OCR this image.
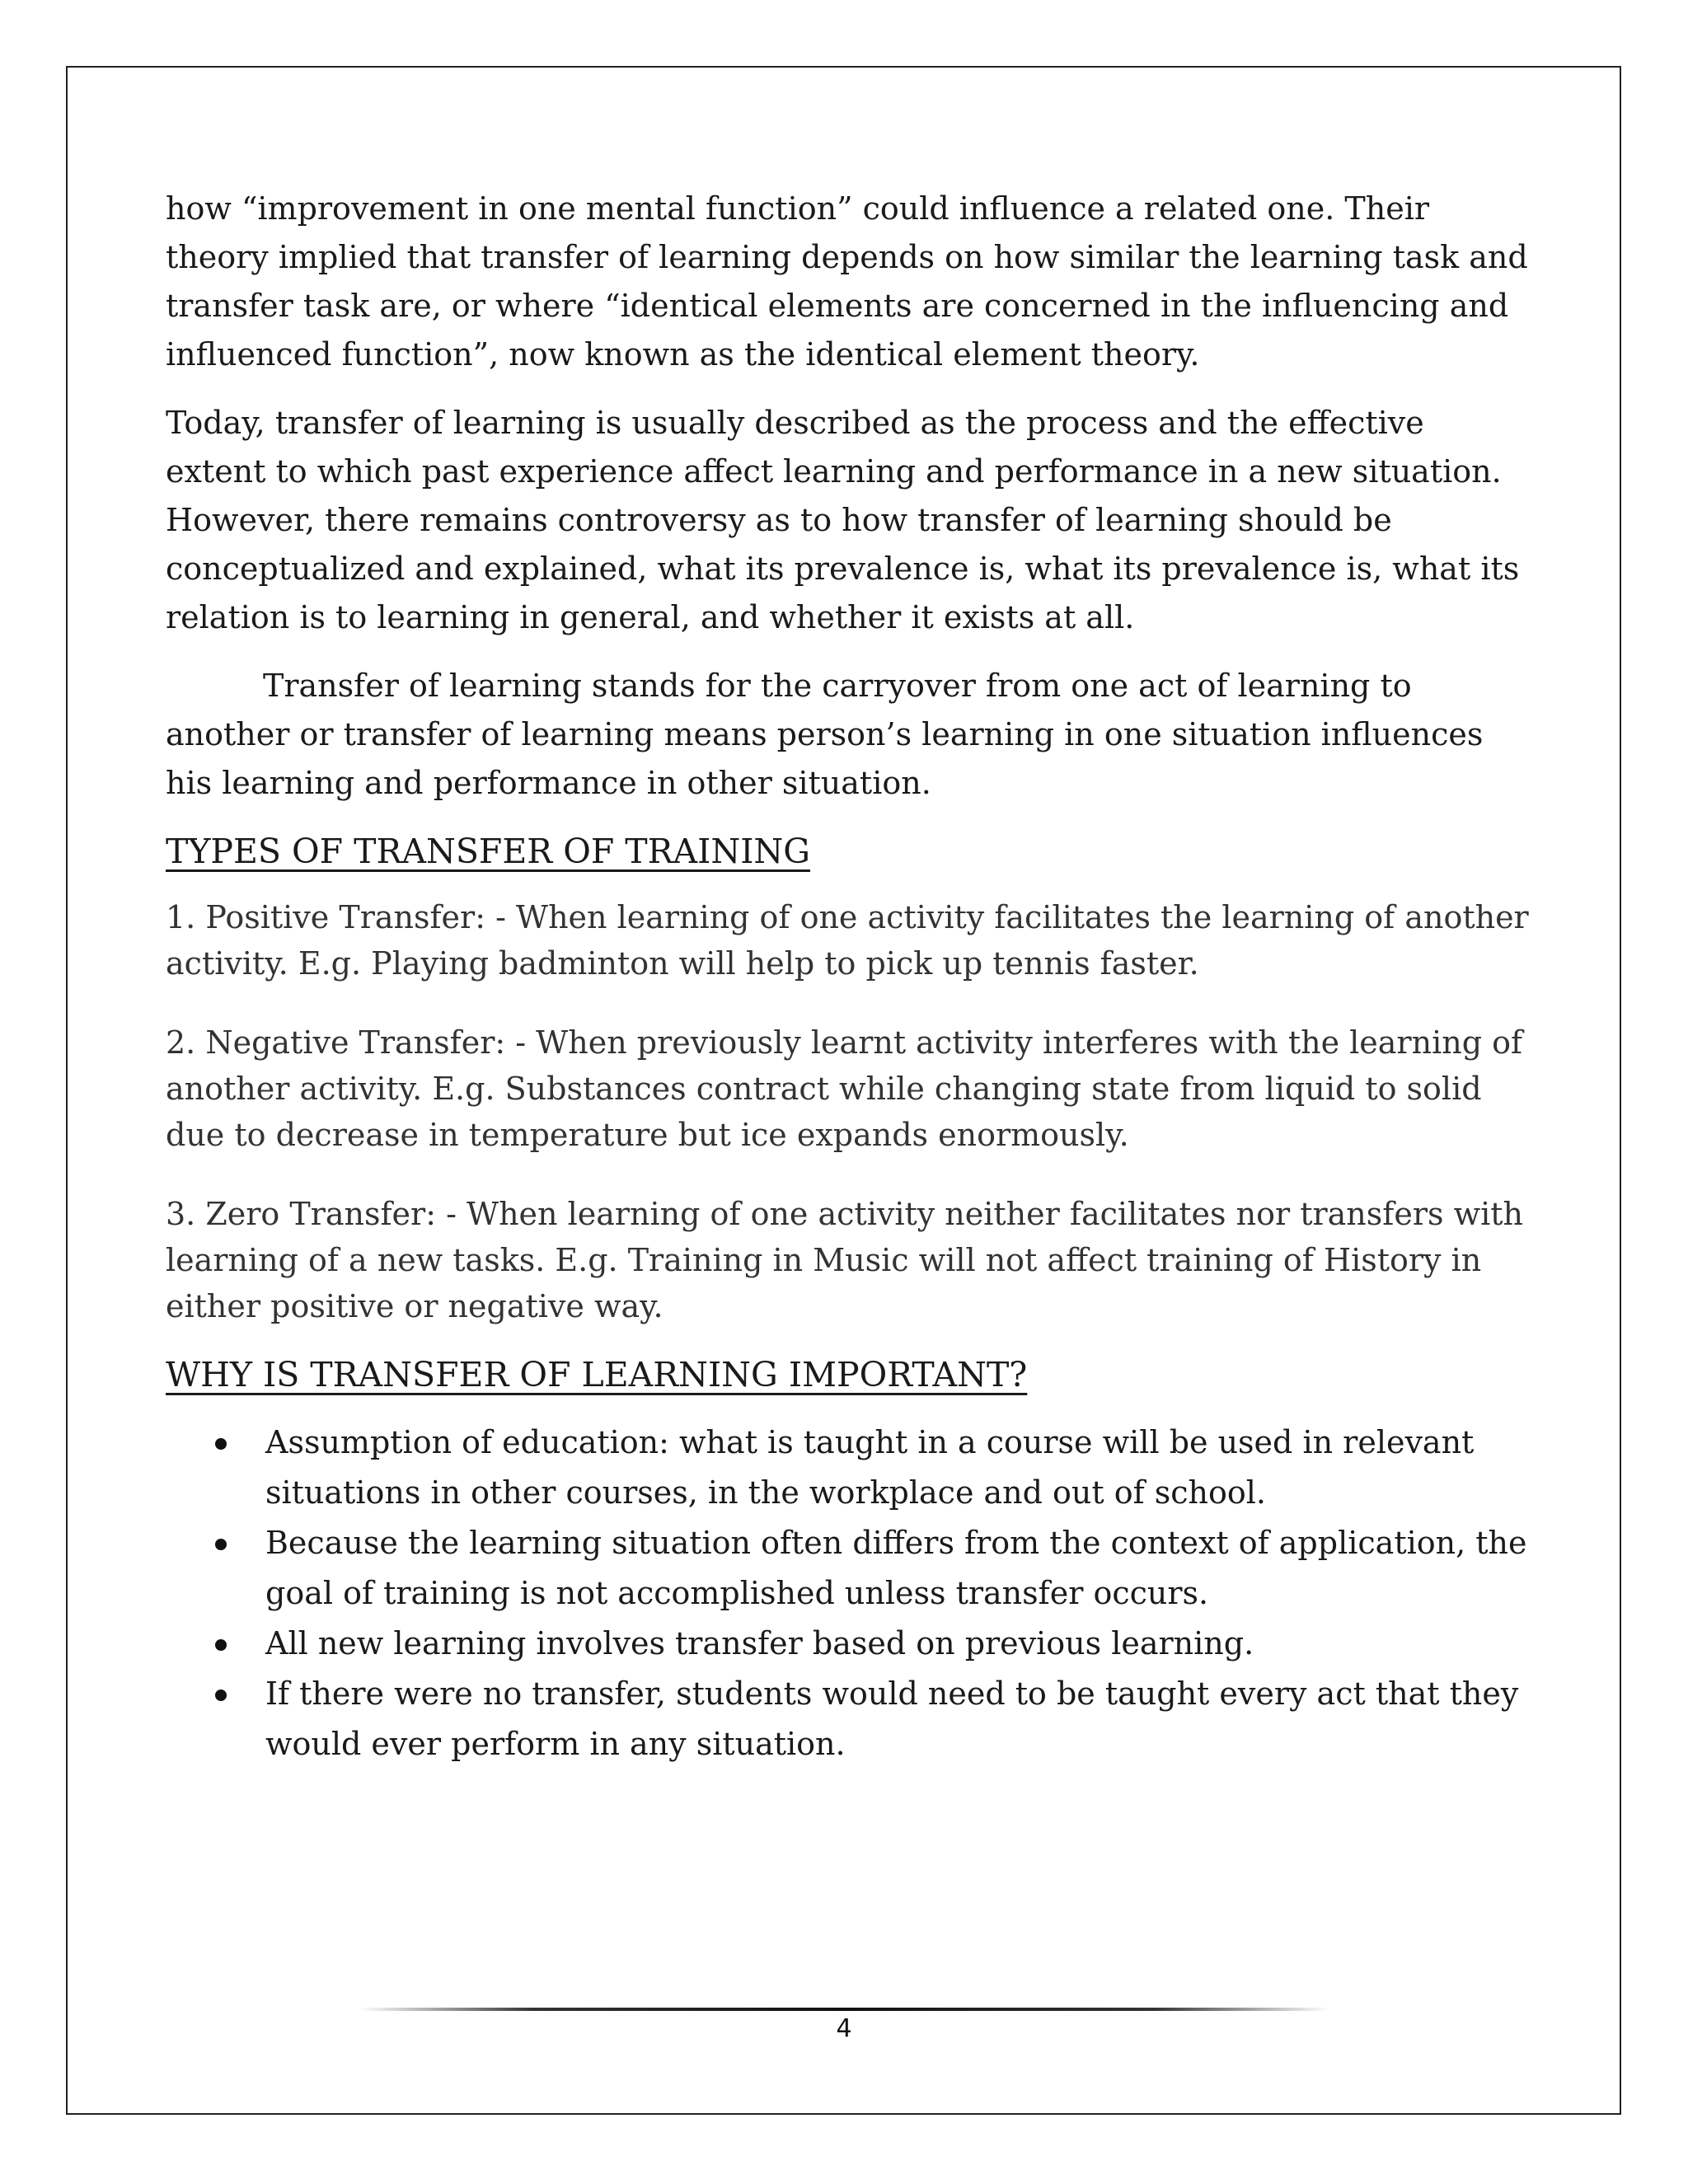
how “improvement in one mental function” could influence a related one. Their theory implied that transfer of learning depends on how similar the learning task and transfer task are, or where “identical elements are concerned in the influencing and influenced function”, now known as the identical element theory.

Today, transfer of learning is usually described as the process and the effective extent to which past experience affect learning and performance in a new situation. However, there remains controversy as to how transfer of learning should be conceptualized and explained, what its prevalence is, what its prevalence is, what its relation is to learning in general, and whether it exists at all.

Transfer of learning stands for the carryover from one act of learning to another or transfer of learning means person’s learning in one situation influences his learning and performance in other situation.

TYPES OF TRANSFER OF TRAINING

1. Positive Transfer: - When learning of one activity facilitates the learning of another activity. E.g. Playing badminton will help to pick up tennis faster.

2. Negative Transfer: - When previously learnt activity interferes with the learning of another activity. E.g. Substances contract while changing state from liquid to solid due to decrease in temperature but ice expands enormously.

3. Zero Transfer: - When learning of one activity neither facilitates nor transfers with learning of a new tasks. E.g. Training in Music will not affect training of History in either positive or negative way.

WHY IS TRANSFER OF LEARNING IMPORTANT?

Assumption of education: what is taught in a course will be used in relevant situations in other courses, in the workplace and out of school.
Because the learning situation often differs from the context of application, the goal of training is not accomplished unless transfer occurs.
All new learning involves transfer based on previous learning.
If there were no transfer, students would need to be taught every act that they would ever perform in any situation.
4
